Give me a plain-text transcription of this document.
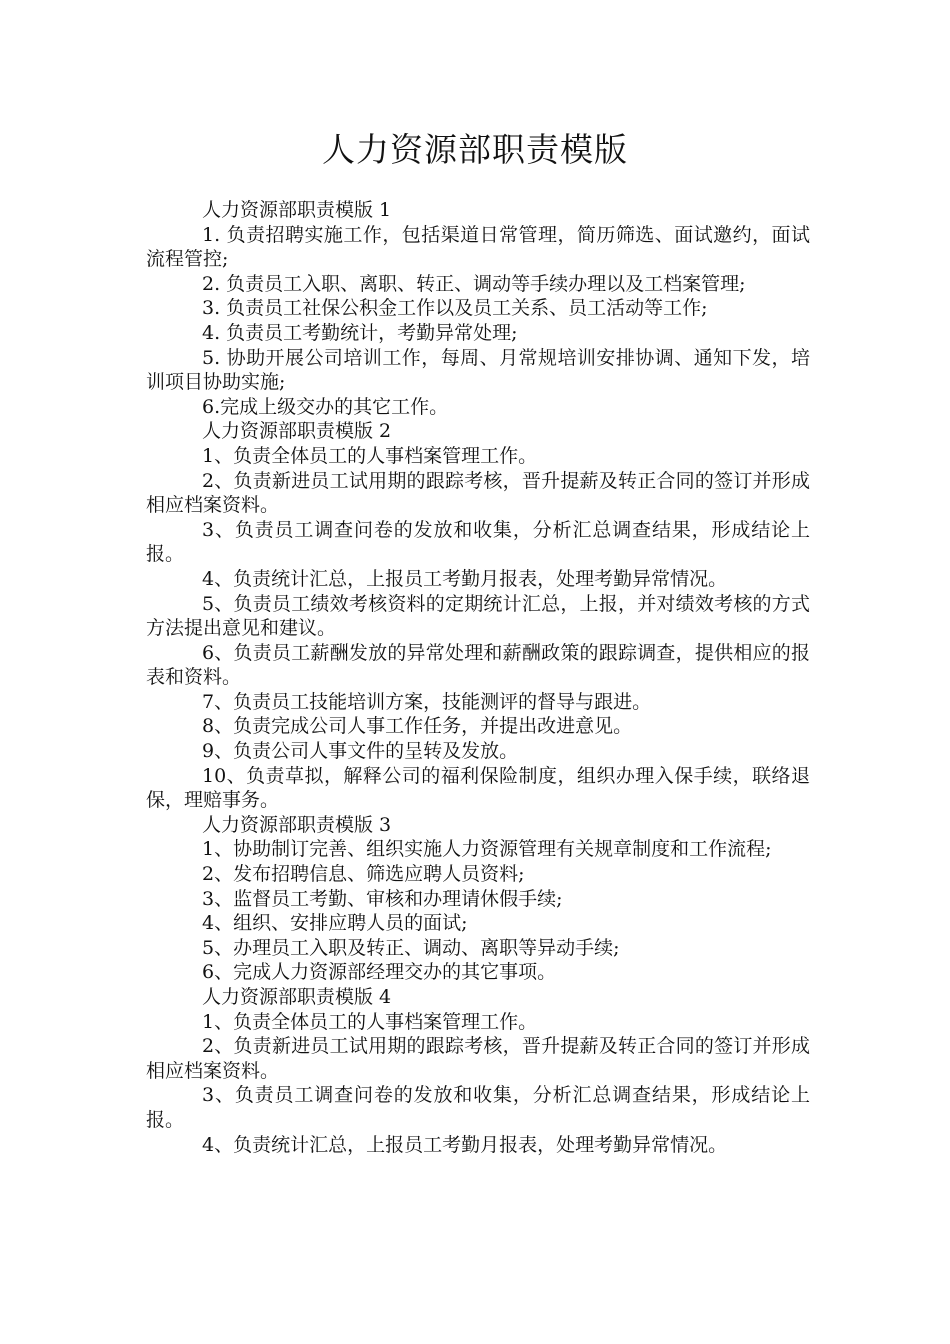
人力资源部职责模版

人力资源部职责模版 1

1. 负责招聘实施工作，包括渠道日常管理，简历筛选、面试邀约，面试流程管控;

2. 负责员工入职、离职、转正、调动等手续办理以及工档案管理;

3. 负责员工社保公积金工作以及员工关系、员工活动等工作;

4. 负责员工考勤统计，考勤异常处理;

5. 协助开展公司培训工作，每周、月常规培训安排协调、通知下发，培训项目协助实施;

6.完成上级交办的其它工作。

人力资源部职责模版 2

1、负责全体员工的人事档案管理工作。

2、负责新进员工试用期的跟踪考核，晋升提薪及转正合同的签订并形成相应档案资料。

3、负责员工调查问卷的发放和收集，分析汇总调查结果，形成结论上报。

4、负责统计汇总，上报员工考勤月报表，处理考勤异常情况。

5、负责员工绩效考核资料的定期统计汇总，上报，并对绩效考核的方式方法提出意见和建议。

6、负责员工薪酬发放的异常处理和薪酬政策的跟踪调查，提供相应的报表和资料。

7、负责员工技能培训方案，技能测评的督导与跟进。

8、负责完成公司人事工作任务，并提出改进意见。

9、负责公司人事文件的呈转及发放。

10、负责草拟，解释公司的福利保险制度，组织办理入保手续，联络退保，理赔事务。

人力资源部职责模版 3

1、协助制订完善、组织实施人力资源管理有关规章制度和工作流程;

2、发布招聘信息、筛选应聘人员资料;

3、监督员工考勤、审核和办理请休假手续;

4、组织、安排应聘人员的面试;

5、办理员工入职及转正、调动、离职等异动手续;

6、完成人力资源部经理交办的其它事项。

人力资源部职责模版 4

1、负责全体员工的人事档案管理工作。

2、负责新进员工试用期的跟踪考核，晋升提薪及转正合同的签订并形成相应档案资料。

3、负责员工调查问卷的发放和收集，分析汇总调查结果，形成结论上报。

4、负责统计汇总，上报员工考勤月报表，处理考勤异常情况。
